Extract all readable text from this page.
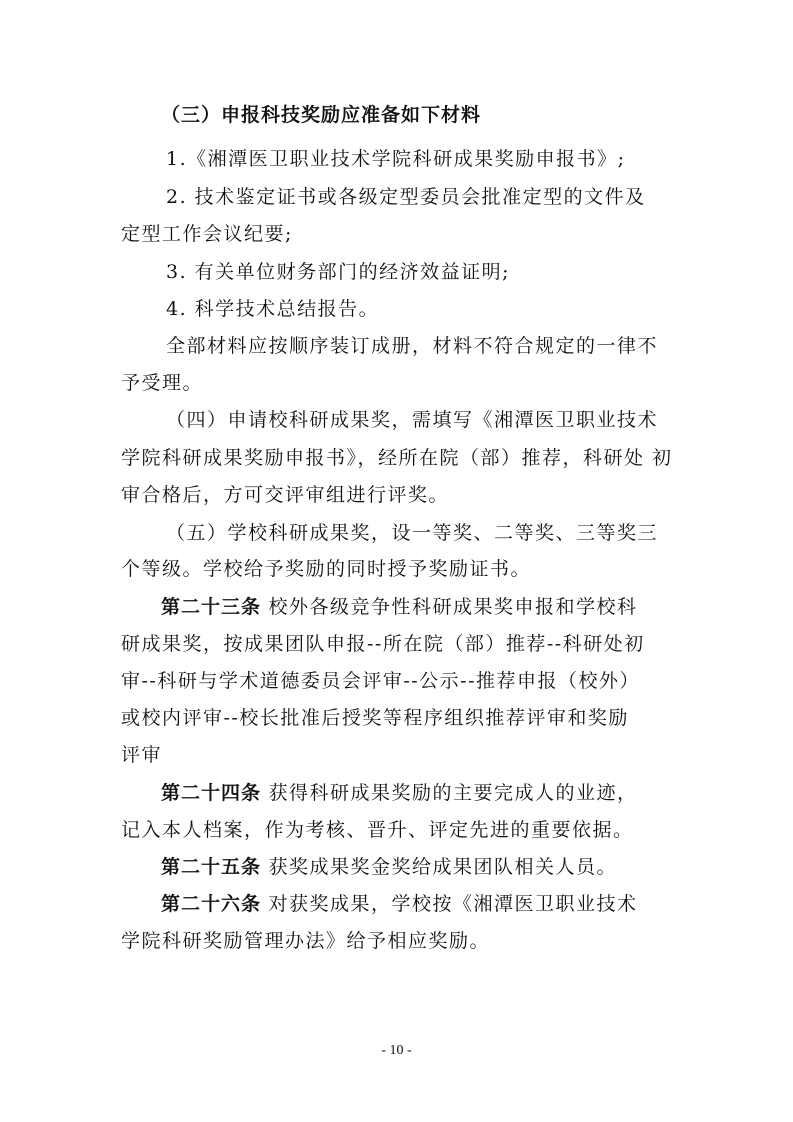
（三）申报科技奖励应准备如下材料
1.《湘潭医卫职业技术学院科研成果奖励申报书》;
2. 技术鉴定证书或各级定型委员会批准定型的文件及
定型工作会议纪要;
3. 有关单位财务部门的经济效益证明;
4. 科学技术总结报告。
全部材料应按顺序装订成册，材料不符合规定的一律不
予受理。
（四）申请校科研成果奖，需填写《湘潭医卫职业技术
学院科研成果奖励申报书》，经所在院（部）推荐，科研处 初
审合格后，方可交评审组进行评奖。
（五）学校科研成果奖，设一等奖、二等奖、三等奖三
个等级。学校给予奖励的同时授予奖励证书。
第二十三条 校外各级竞争性科研成果奖申报和学校科
研成果奖，按成果团队申报--所在院（部）推荐--科研处初
审--科研与学术道德委员会评审--公示--推荐申报（校外）
或校内评审--校长批准后授奖等程序组织推荐评审和奖励
评审
第二十四条 获得科研成果奖励的主要完成人的业迹，
记入本人档案，作为考核、晋升、评定先进的重要依据。
第二十五条 获奖成果奖金奖给成果团队相关人员。
第二十六条 对获奖成果，学校按《湘潭医卫职业技术
学院科研奖励管理办法》给予相应奖励。
- 10 -
